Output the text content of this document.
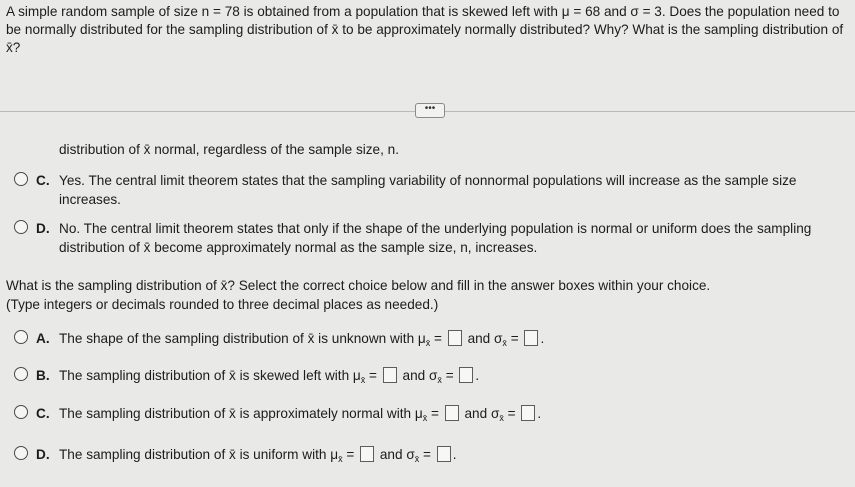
A simple random sample of size n = 78 is obtained from a population that is skewed left with μ = 68 and σ = 3. Does the population need to be normally distributed for the sampling distribution of x̄ to be approximately normally distributed? Why? What is the sampling distribution of x̄?
•••
distribution of x̄ normal, regardless of the sample size, n.
C. Yes. The central limit theorem states that the sampling variability of nonnormal populations will increase as the sample size increases.
D. No. The central limit theorem states that only if the shape of the underlying population is normal or uniform does the sampling distribution of x̄ become approximately normal as the sample size, n, increases.
What is the sampling distribution of x̄? Select the correct choice below and fill in the answer boxes within your choice.
(Type integers or decimals rounded to three decimal places as needed.)
A. The shape of the sampling distribution of x̄ is unknown with $\mu_{x̄}$ = and $\sigma_{x̄}$ = .
B. The sampling distribution of x̄ is skewed left with $\mu_{x̄}$ = and $\sigma_{x̄}$ = .
C. The sampling distribution of x̄ is approximately normal with $\mu_{x̄}$ = and $\sigma_{x̄}$ = .
D. The sampling distribution of x̄ is uniform with $\mu_{x̄}$ = and $\sigma_{x̄}$ = .
